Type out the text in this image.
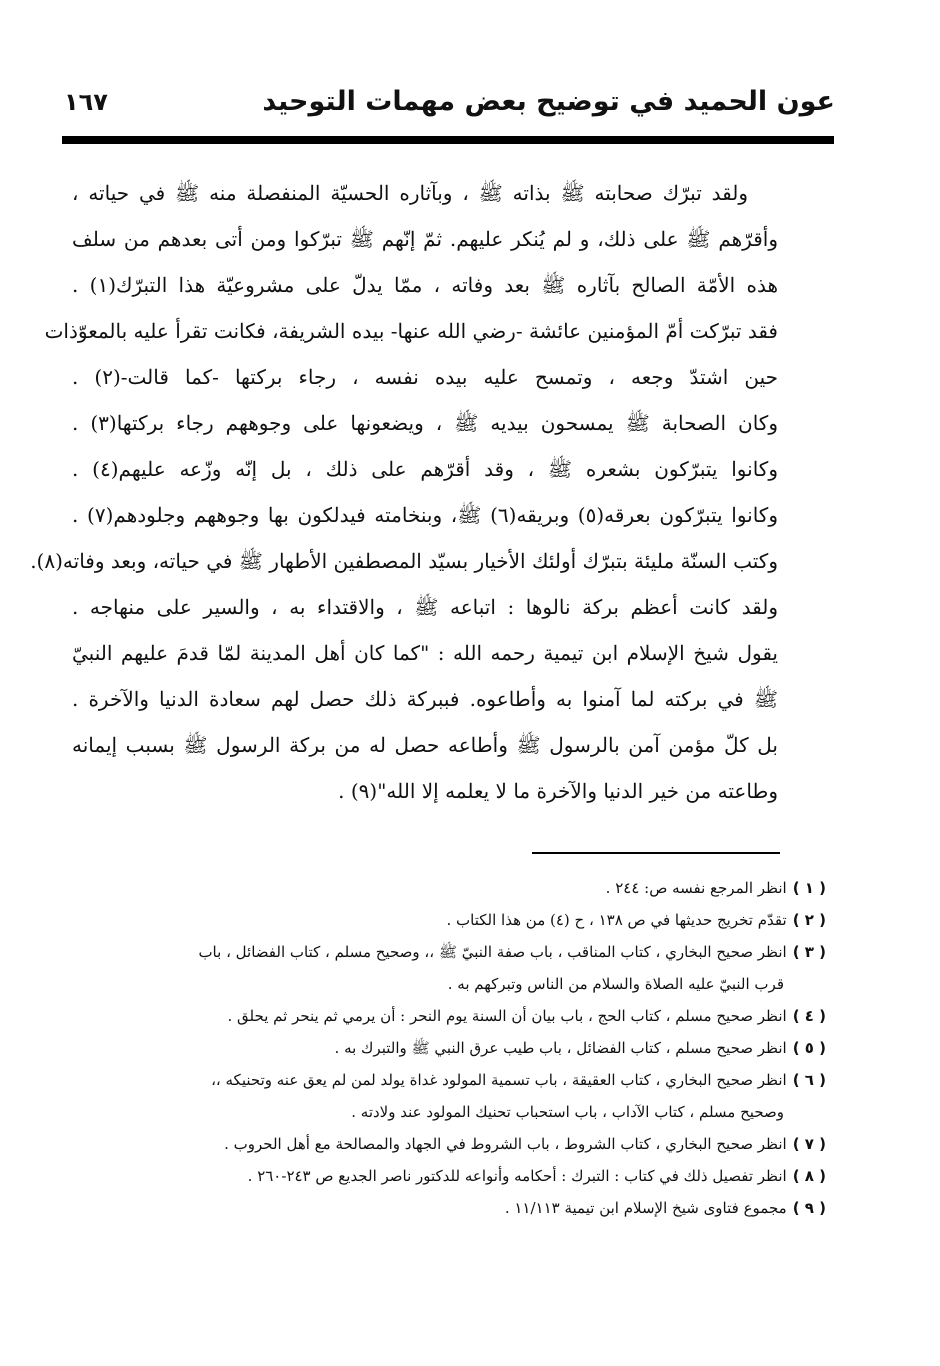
عون الحميد في توضيح بعض مهمات التوحيد
١٦٧
ولقد تبرّك صحابته ﷺ بذاته ﷺ ، وبآثاره الحسيّة المنفصلة منه ﷺ في حياته ،
وأقرّهم ﷺ على ذلك، و لم يُنكر عليهم. ثمّ إنّهم ﷺ تبرّكوا ومن أتى بعدهم من سلف
هذه الأمّة الصالح بآثاره ﷺ بعد وفاته ، ممّا يدلّ على مشروعيّة هذا التبرّك(١) .
فقد تبرّكت أمّ المؤمنين عائشة -رضي الله عنها- بيده الشريفة، فكانت تقرأ عليه بالمعوّذات
حين اشتدّ وجعه ، وتمسح عليه بيده نفسه ، رجاء بركتها -كما قالت-(٢) .
وكان الصحابة ﷺ يمسحون بيديه ﷺ ، ويضعونها على وجوههم رجاء بركتها(٣) .
وكانوا يتبرّكون بشعره ﷺ ، وقد أقرّهم على ذلك ، بل إنّه وزّعه عليهم(٤) .
وكانوا يتبرّكون بعرقه(٥) وبريقه(٦) ﷺ، وبنخامته فيدلكون بها وجوههم وجلودهم(٧) .
وكتب السنّة مليئة بتبرّك أولئك الأخيار بسيّد المصطفين الأطهار ﷺ في حياته، وبعد وفاته(٨).
ولقد كانت أعظم بركة نالوها : اتباعه ﷺ ، والاقتداء به ، والسير على منهاجه .
يقول شيخ الإسلام ابن تيمية رحمه الله : "كما كان أهل المدينة لمّا قدمَ عليهم النبيّ
ﷺ في بركته لما آمنوا به وأطاعوه. فببركة ذلك حصل لهم سعادة الدنيا والآخرة .
بل كلّ مؤمن آمن بالرسول ﷺ وأطاعه حصل له من بركة الرسول ﷺ بسبب إيمانه
وطاعته من خير الدنيا والآخرة ما لا يعلمه إلا الله"(٩) .
( ١ )انظر المرجع نفسه ص: ٢٤٤ .
( ٢ )تقدّم تخريج حديثها في ص ١٣٨ ، ح (٤) من هذا الكتاب .
( ٣ )انظر صحيح البخاري ، كتاب المناقب ، باب صفة النبيّ ﷺ ،، وصحيح مسلم ، كتاب الفضائل ، باب
قرب النبيّ عليه الصلاة والسلام من الناس وتبركهم به .
( ٤ )انظر صحيح مسلم ، كتاب الحج ، باب بيان أن السنة يوم النحر : أن يرمي ثم ينحر ثم يحلق .
( ٥ )انظر صحيح مسلم ، كتاب الفضائل ، باب طيب عرق النبي ﷺ والتبرك به .
( ٦ )انظر صحيح البخاري ، كتاب العقيقة ، باب تسمية المولود غداة يولد لمن لم يعق عنه وتحنيكه ،،
وصحيح مسلم ، كتاب الآداب ، باب استحباب تحنيك المولود عند ولادته .
( ٧ )انظر صحيح البخاري ، كتاب الشروط ، باب الشروط في الجهاد والمصالحة مع أهل الحروب .
( ٨ )انظر تفصيل ذلك في كتاب : التبرك : أحكامه وأنواعه للدكتور ناصر الجديع ص ٢٤٣-٢٦٠ .
( ٩ )مجموع فتاوى شيخ الإسلام ابن تيمية ١١/١١٣ .
